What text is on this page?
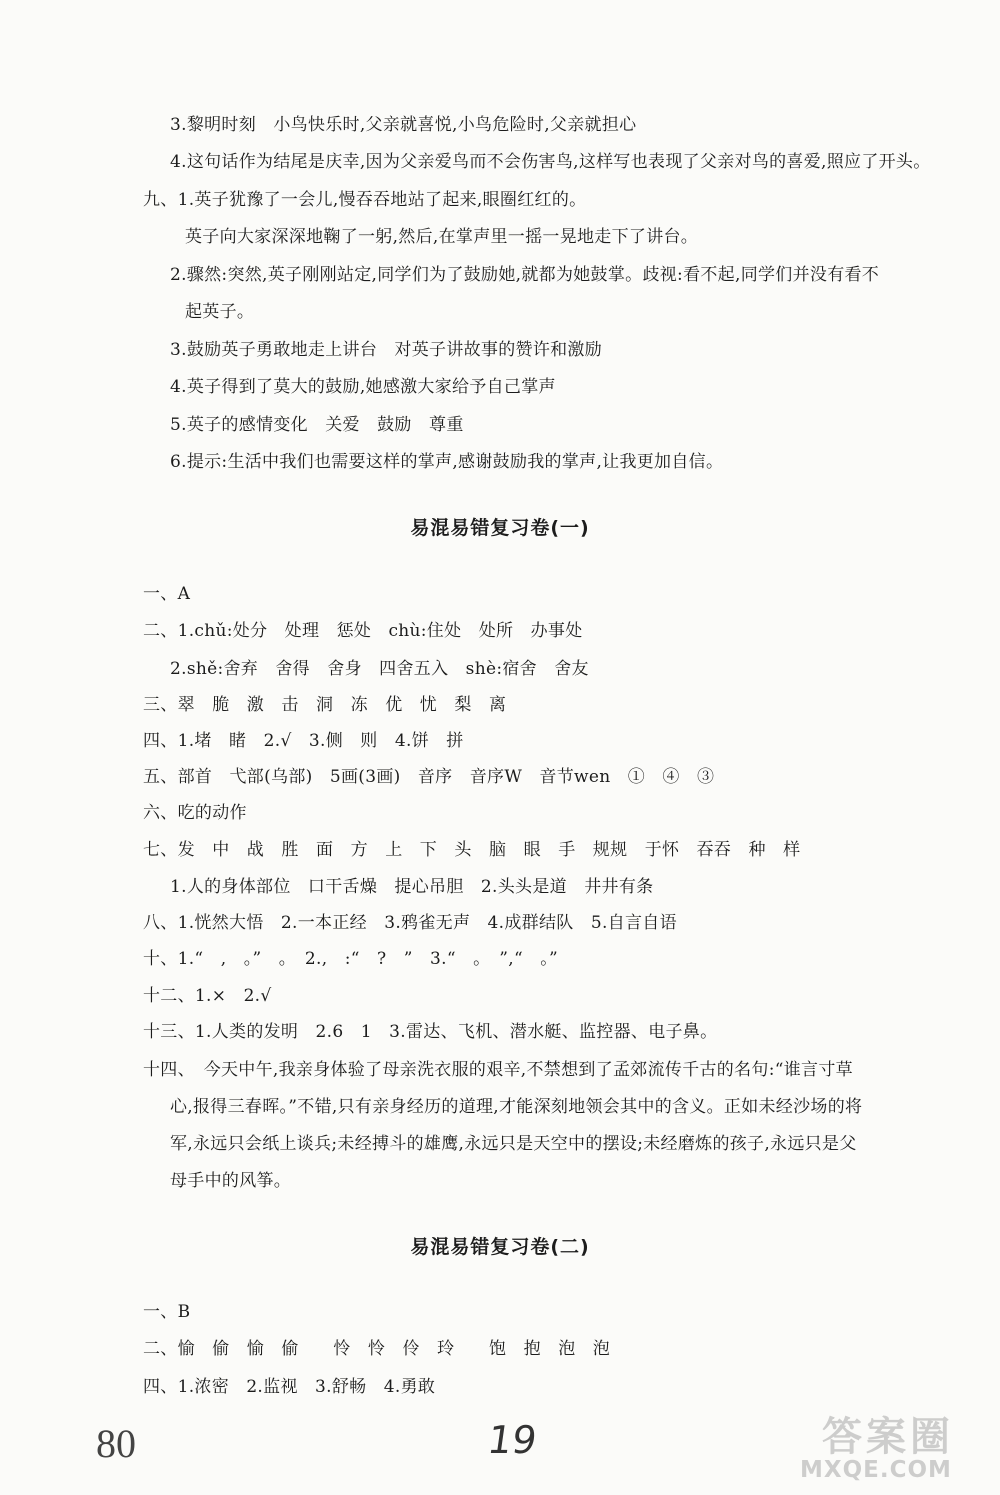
3.黎明时刻　小鸟快乐时,父亲就喜悦,小鸟危险时,父亲就担心
4.这句话作为结尾是庆幸,因为父亲爱鸟而不会伤害鸟,这样写也表现了父亲对鸟的喜爱,照应了开头。
九、1.英子犹豫了一会儿,慢吞吞地站了起来,眼圈红红的。
英子向大家深深地鞠了一躬,然后,在掌声里一摇一晃地走下了讲台。
2.骤然:突然,英子刚刚站定,同学们为了鼓励她,就都为她鼓掌。歧视:看不起,同学们并没有看不
起英子。
3.鼓励英子勇敢地走上讲台　对英子讲故事的赞许和激励
4.英子得到了莫大的鼓励,她感激大家给予自己掌声
5.英子的感情变化　关爱　鼓励　尊重
6.提示:生活中我们也需要这样的掌声,感谢鼓励我的掌声,让我更加自信。
易混易错复习卷(一)
一、A
二、1.chǔ:处分　处理　惩处　chù:住处　处所　办事处
2.shě:舍弃　舍得　舍身　四舍五入　shè:宿舍　舍友
三、翠　脆　激　击　洞　冻　优　忧　梨　离
四、1.堵　睹　2.√　3.侧　则　4.饼　拼
五、部首　弋部(乌部)　5画(3画)　音序　音序W　音节wen　①　④　③
六、吃的动作
七、发　中　战　胜　面　方　上　下　头　脑　眼　手　规规　于怀　吞吞　种　样
1.人的身体部位　口干舌燥　提心吊胆　2.头头是道　井井有条
八、1.恍然大悟　2.一本正经　3.鸦雀无声　4.成群结队　5.自言自语
十、1.“　,　。”　。　2.,　:“　?　”　3.“　。　”,“　。”
十二、1.×　2.√
十三、1.人类的发明　2.6　1　3.雷达、飞机、潜水艇、监控器、电子鼻。
十四、　今天中午,我亲身体验了母亲洗衣服的艰辛,不禁想到了孟郊流传千古的名句:“谁言寸草
心,报得三春晖。”不错,只有亲身经历的道理,才能深刻地领会其中的含义。正如未经沙场的将
军,永远只会纸上谈兵;未经搏斗的雄鹰,永远只是天空中的摆设;未经磨炼的孩子,永远只是父
母手中的风筝。
易混易错复习卷(二)
一、B
二、愉　偷　愉　偷　　怜　怜　伶　玲　　饱　抱　泡　泡
四、1.浓密　2.监视　3.舒畅　4.勇敢
80	19	答案圈
MXQE.COM
